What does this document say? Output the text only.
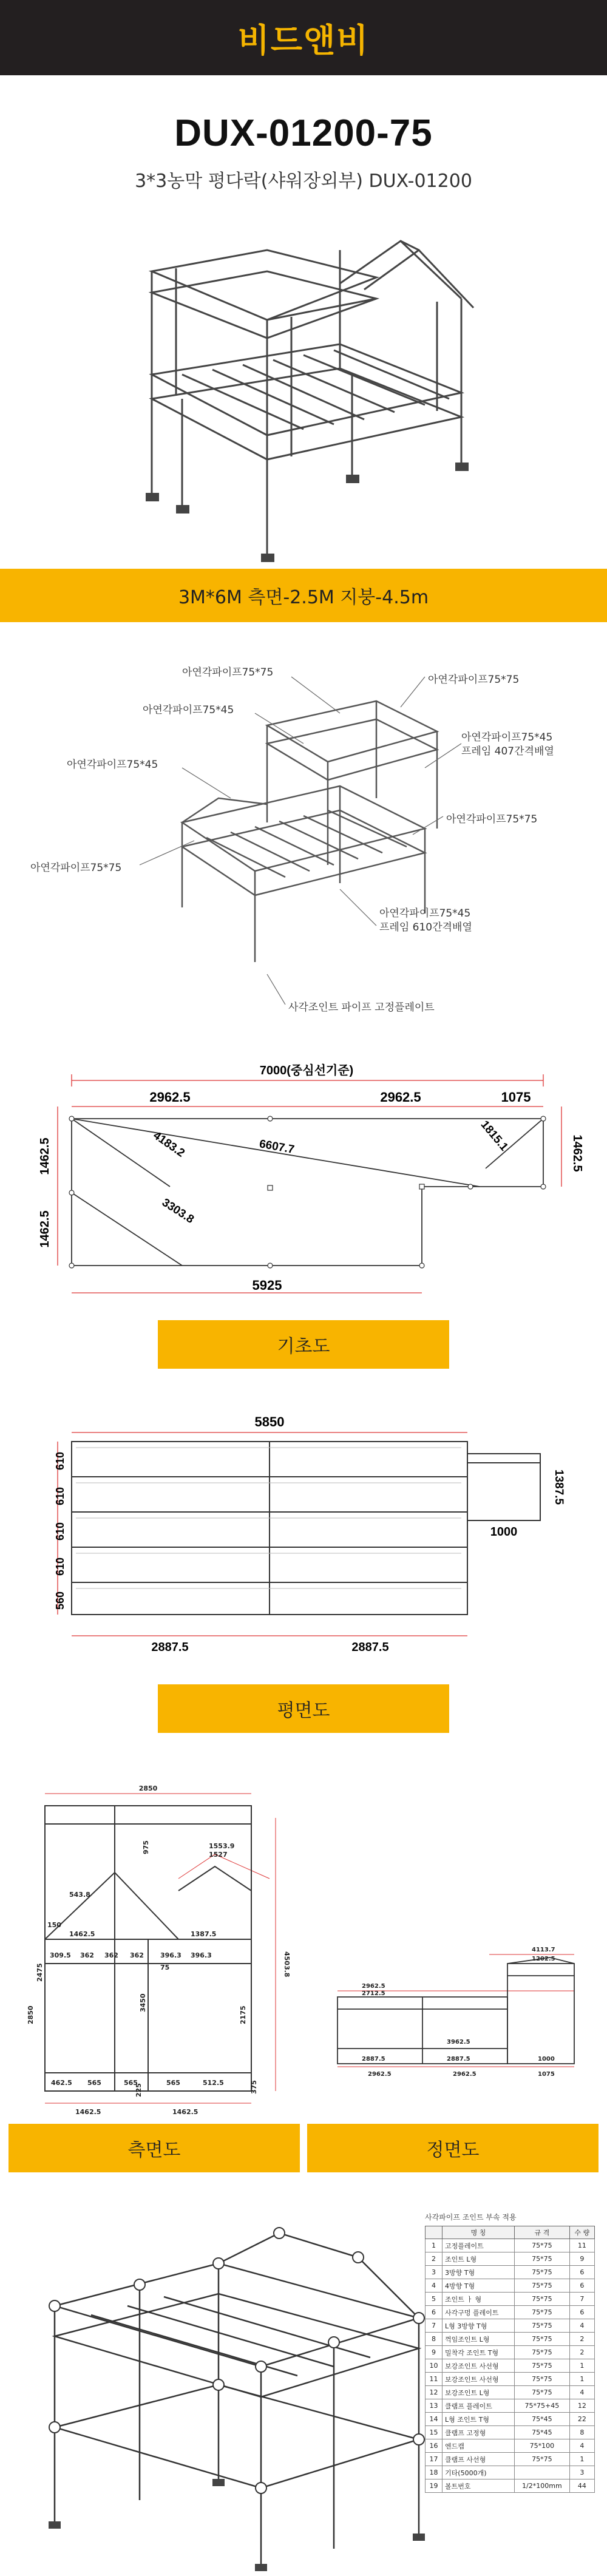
비드앤비
DUX-01200-75
3*3농막 평다락(샤워장외부) DUX-01200
3M*6M 측면-2.5M 지붕-4.5m
아연각파이프75*75
아연각파이프75*75
아연각파이프75*45
아연각파이프75*45
프레임 407간격배열
아연각파이프75*45
아연각파이프75*75
아연각파이프75*75
아연각파이프75*45
프레임 610간격배열
사각조인트 파이프 고정플레이트
7000(중심선기준)
2962.5	2962.5	1075
1462.5
1462.5
1462.5
4183.2	6607.7	1815.1
3303.8
5925
기초도
5850
610
610
610
610
560
1387.5
1000
2887.5	2887.5
평면도
2850
975
543.8
1553.9
1527
150
1462.5	1387.5
309.5 362 362 362 396.3 396.3
75
2850
2475
3450
2175
4503.8
462.5 565	565	565	512.5
225	375
1462.5	1462.5
측면도
4113.7
1202.5
2962.5
2712.5
3962.5
2887.5	2887.5	1000
2962.5	2962.5	1075
정면도
사각파이프 조인트 부속 적용
	명 칭	규 격	수 량
1	고정플레이트	75*75	11
2	조인트 L형	75*75	9
3	3방향 T형	75*75	6
4	4방향 T형	75*75	6
5	조인트 ㅏ 형	75*75	7
6	사각구멍 플레이트	75*75	6
7	L형 3방향 T형	75*75	4
8	꺽임조인트 L형	75*75	2
9	밀착각 조인트 T형	75*75	2
10	보강조인트 사선형	75*75	1
11	보강조인트 사선형	75*75	1
12	보강조인트 L형	75*75	4
13	클램프 플레이트	75*75+45	12
14	L형 조인트 T형	75*45	22
15	클램프 고정형	75*45	8
16	엔드캡	75*100	4
17	클램프 사선형	75*75	1
18	기타(5000개)		3
19	볼트번호	1/2*100mm	44
